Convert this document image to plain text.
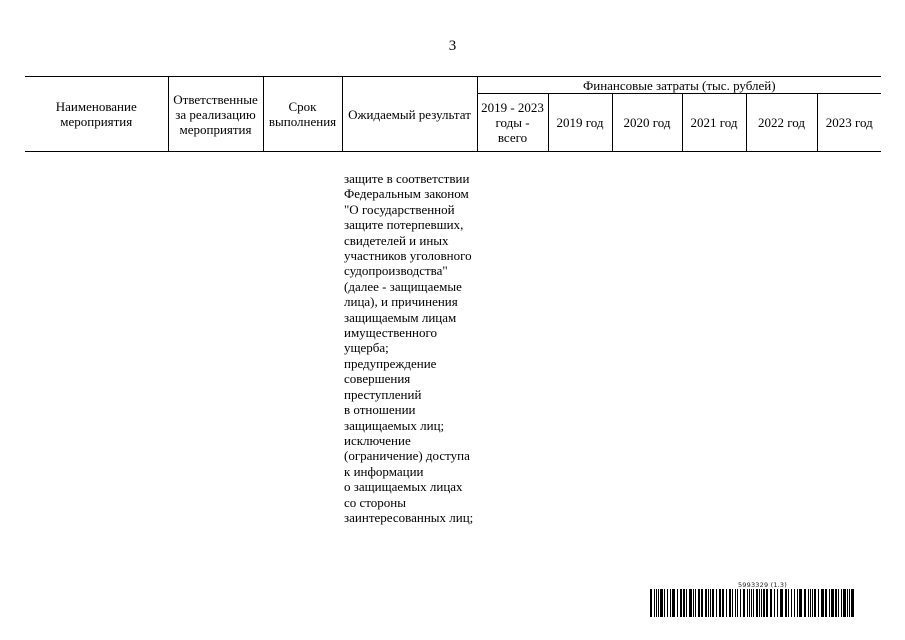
3
Наименование мероприятия	Ответственные за реализацию мероприятия	Срок выполнения	Ожидаемый результат	Финансовые затраты (тыс. рублей)					
				2019 - 2023 годы - всего	2019 год	2020 год	2021 год	2022 год	2023 год
защите в соответствии
Федеральным законом
"О государственной
защите потерпевших,
свидетелей и иных
участников уголовного
судопроизводства"
(далее - защищаемые
лица), и причинения
защищаемым лицам
имущественного
ущерба;
предупреждение
совершения
преступлений
в отношении
защищаемых лиц;
исключение
(ограничение) доступа
к информации
о защищаемых лицах
со стороны
заинтересованных лиц;
5993329 (1.3)
